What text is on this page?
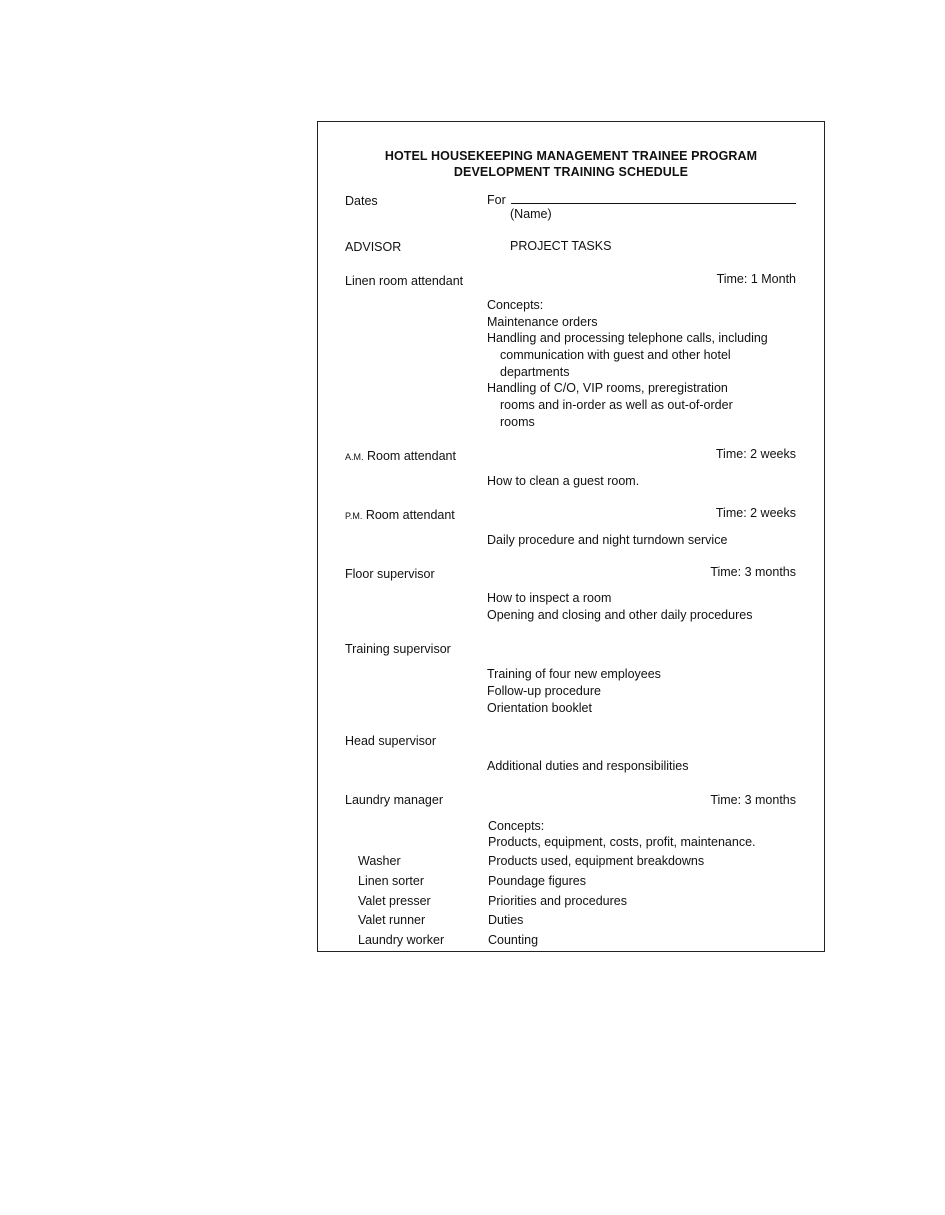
HOTEL HOUSEKEEPING MANAGEMENT TRAINEE PROGRAM
DEVELOPMENT TRAINING SCHEDULE
Dates	For
(Name)
ADVISOR	PROJECT TASKS
Linen room attendant	Time: 1 Month
Concepts:
Maintenance orders
Handling and processing telephone calls, including
communication with guest and other hotel
departments
Handling of C/O, VIP rooms, preregistration
rooms and in-order as well as out-of-order
rooms
A.M. Room attendant	Time: 2 weeks
How to clean a guest room.
P.M. Room attendant	Time: 2 weeks
Daily procedure and night turndown service
Floor supervisor	Time: 3 months
How to inspect a room
Opening and closing and other daily procedures
Training supervisor
Training of four new employees
Follow-up procedure
Orientation booklet
Head supervisor
Additional duties and responsibilities
Laundry manager	Time: 3 months
Concepts:
Products, equipment, costs, profit, maintenance.
Washer	Products used, equipment breakdowns
Linen sorter	Poundage figures
Valet presser	Priorities and procedures
Valet runner	Duties
Laundry worker	Counting
